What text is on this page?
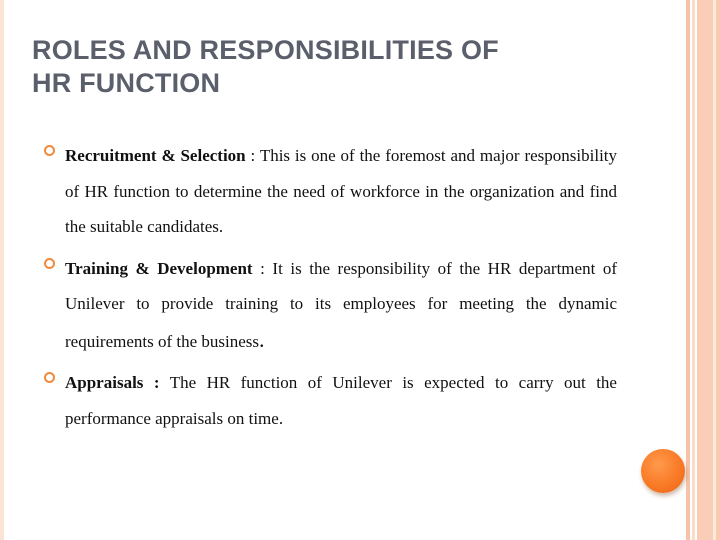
ROLES AND RESPONSIBILITIES OF
HR FUNCTION
Recruitment & Selection : This is one of the foremost and major responsibility of HR function to determine the need of workforce in the organization and find the suitable candidates.
Training & Development : It is the responsibility of the HR department of Unilever to provide training to its employees for meeting the dynamic requirements of the business.
Appraisals : The HR function of Unilever is expected to carry out the performance appraisals on time.
